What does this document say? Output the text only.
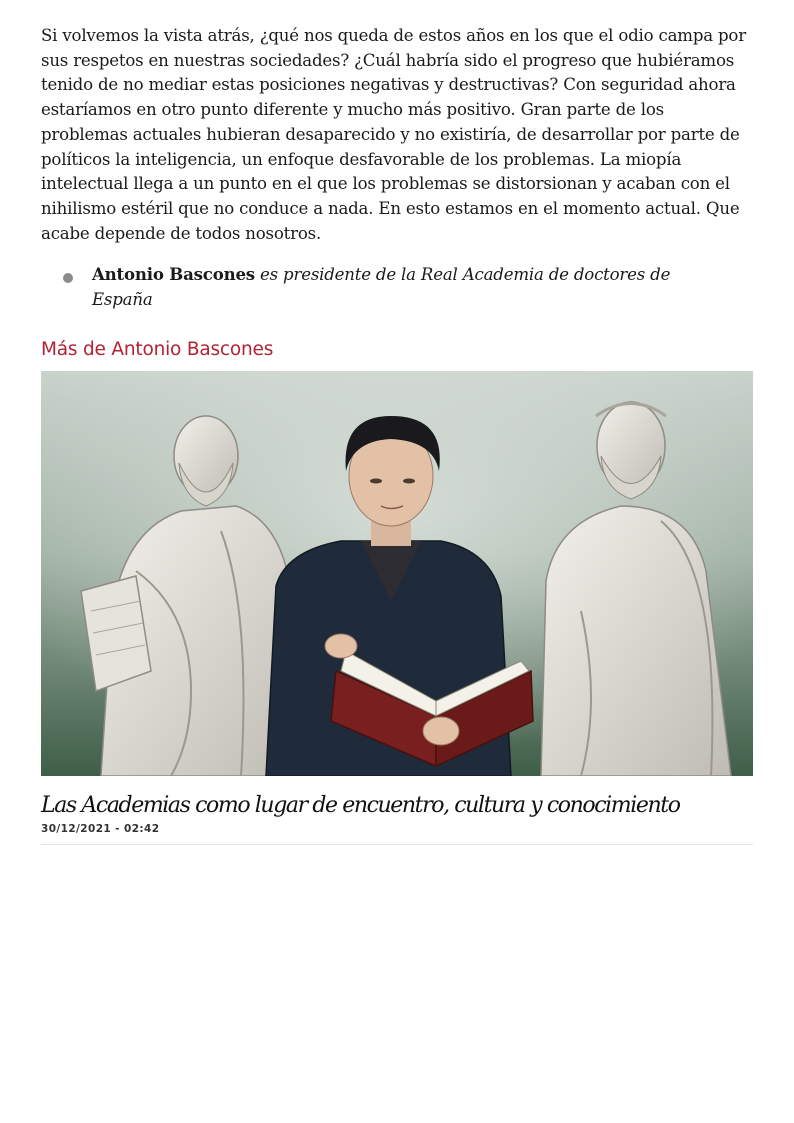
Si volvemos la vista atrás, ¿qué nos queda de estos años en los que el odio campa por sus respetos en nuestras sociedades? ¿Cuál habría sido el progreso que hubiéramos tenido de no mediar estas posiciones negativas y destructivas? Con seguridad ahora estaríamos en otro punto diferente y mucho más positivo. Gran parte de los problemas actuales hubieran desaparecido y no existiría, de desarrollar por parte de políticos la inteligencia, un enfoque desfavorable de los problemas. La miopía intelectual llega a un punto en el que los problemas se distorsionan y acaban con el nihilismo estéril que no conduce a nada. En esto estamos en el momento actual. Que acabe depende de todos nosotros.

Antonio Bascones es presidente de la Real Academia de doctores de España
Más de Antonio Bascones
Las Academias como lugar de encuentro, cultura y conocimiento
30/12/2021 - 02:42
